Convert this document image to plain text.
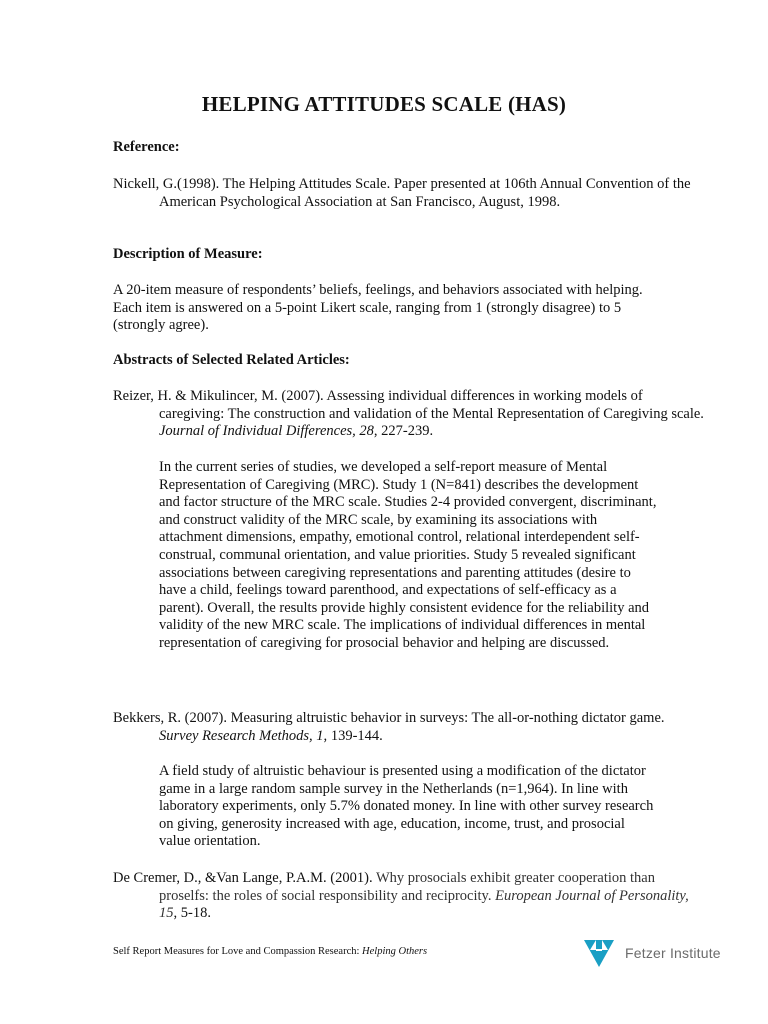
HELPING ATTITUDES SCALE (HAS)

Reference:

Nickell, G.(1998). The Helping Attitudes Scale. Paper presented at 106th Annual Convention of the American Psychological Association at San Francisco, August, 1998.

Description of Measure:

A 20-item measure of respondents’ beliefs, feelings, and behaviors associated with helping. Each item is answered on a 5-point Likert scale, ranging from 1 (strongly disagree) to 5 (strongly agree).

Abstracts of Selected Related Articles:

Reizer, H. & Mikulincer, M. (2007). Assessing individual differences in working models of caregiving: The construction and validation of the Mental Representation of Caregiving scale. Journal of Individual Differences, 28, 227-239.

In the current series of studies, we developed a self-report measure of Mental Representation of Caregiving (MRC). Study 1 (N=841) describes the development and factor structure of the MRC scale. Studies 2-4 provided convergent, discriminant, and construct validity of the MRC scale, by examining its associations with attachment dimensions, empathy, emotional control, relational interdependent self-construal, communal orientation, and value priorities. Study 5 revealed significant associations between caregiving representations and parenting attitudes (desire to have a child, feelings toward parenthood, and expectations of self-efficacy as a parent). Overall, the results provide highly consistent evidence for the reliability and validity of the new MRC scale. The implications of individual differences in mental representation of caregiving for prosocial behavior and helping are discussed.

Bekkers, R. (2007). Measuring altruistic behavior in surveys: The all-or-nothing dictator game. Survey Research Methods, 1, 139-144.

A field study of altruistic behaviour is presented using a modification of the dictator game in a large random sample survey in the Netherlands (n=1,964). In line with laboratory experiments, only 5.7% donated money. In line with other survey research on giving, generosity increased with age, education, income, trust, and prosocial value orientation.

De Cremer, D., &Van Lange, P.A.M. (2001). Why prosocials exhibit greater cooperation than proselfs: the roles of social responsibility and reciprocity. European Journal of Personality, 15, 5-18.

Self Report Measures for Love and Compassion Research: Helping Others	Fetzer Institute
